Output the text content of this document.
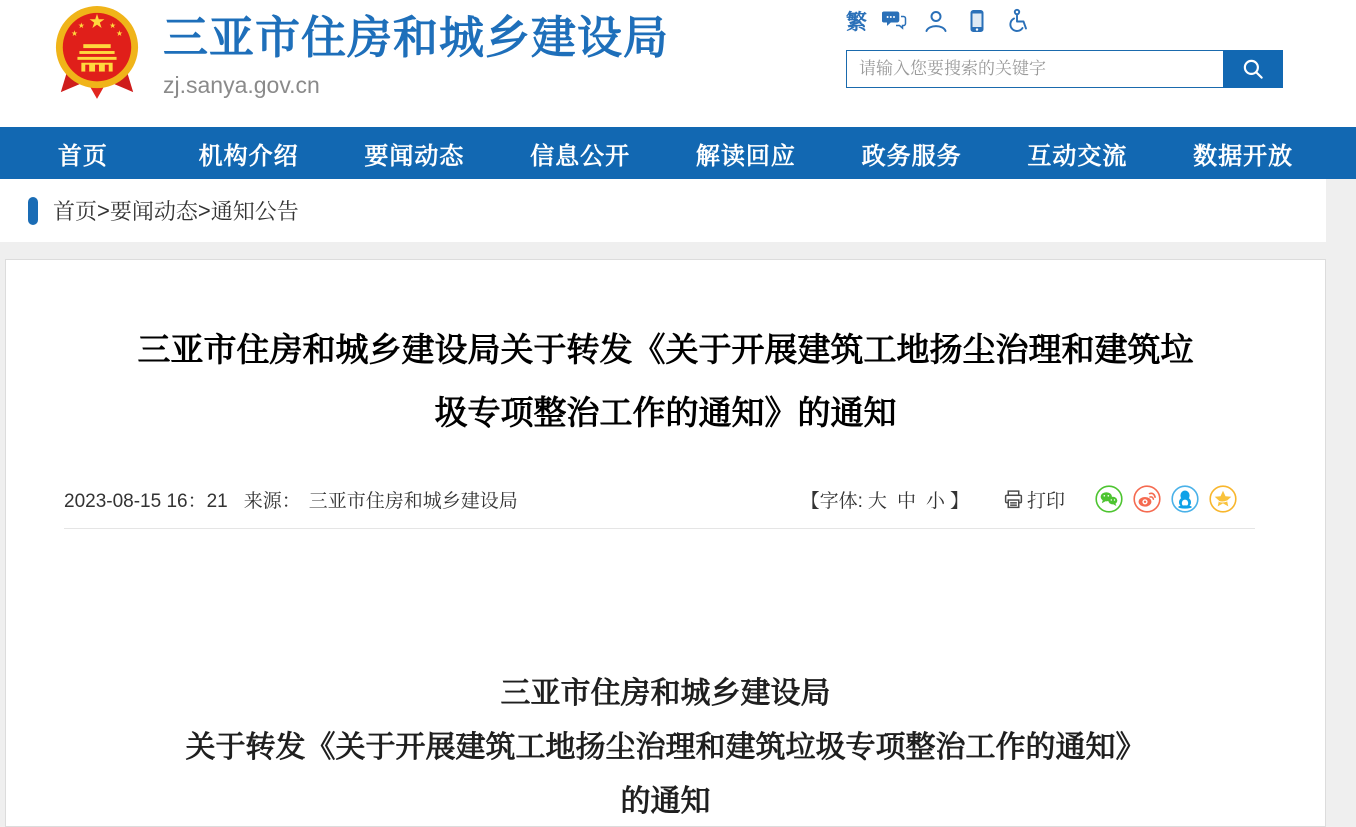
三亚市住房和城乡建设局
zj.sanya.gov.cn
繁
请输入您要搜索的关键字
首页	机构介绍	要闻动态	信息公开	解读回应	政务服务	互动交流	数据开放
首页 > 要闻动态 > 通知公告
三亚市住房和城乡建设局关于转发《关于开展建筑工地扬尘治理和建筑垃
圾专项整治工作的通知》的通知
2023-08-15 16：21 来源： 三亚市住房和城乡建设局	【字体: 大 中 小 】	打印
三亚市住房和城乡建设局
关于转发《关于开展建筑工地扬尘治理和建筑垃圾专项整治工作的通知》
的通知
